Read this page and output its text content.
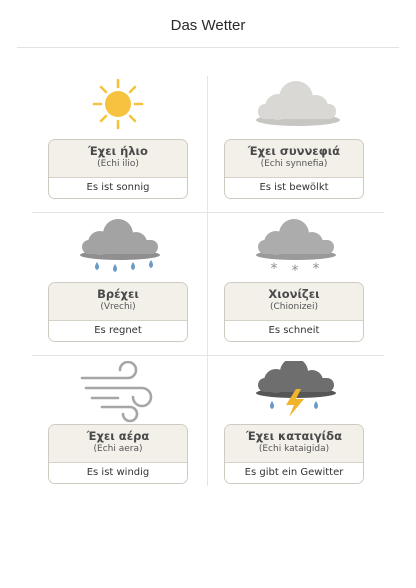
Das Wetter
Έχει ήλιο
(Echi ilio)
Es ist sonnig
Έχει συννεφιά
(Echi synnefia)
Es ist bewölkt
Βρέχει
(Vrechi)
Es regnet
* * *
Χιονίζει
(Chionizei)
Es schneit
Έχει αέρα
(Echi aera)
Es ist windig
Έχει καταιγίδα
(Echi kataigida)
Es gibt ein Gewitter
